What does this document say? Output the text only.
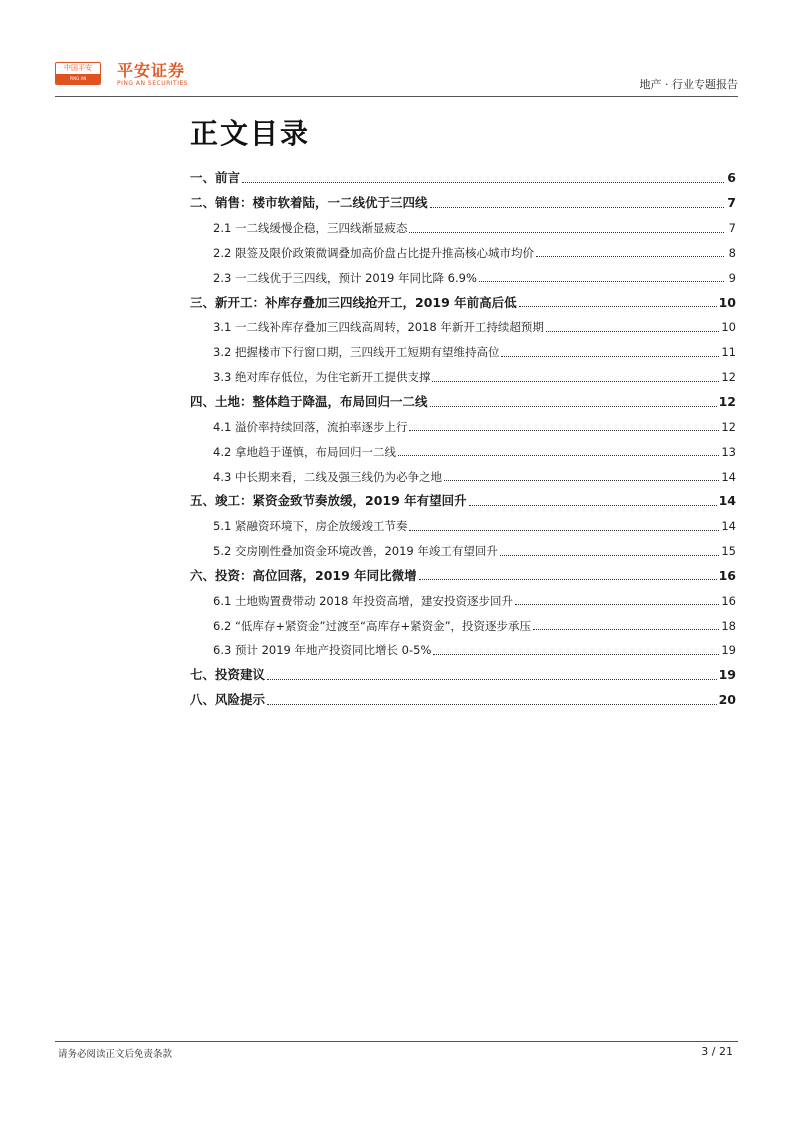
中国平安
PING AN	平安证券
PING AN SECURITIES	地产 · 行业专题报告
正文目录
一、前言	6
二、销售：楼市软着陆，一二线优于三四线	7
2.1 一二线缓慢企稳，三四线渐显疲态	7
2.2 限签及限价政策微调叠加高价盘占比提升推高核心城市均价	8
2.3 一二线优于三四线，预计 2019 年同比降 6.9%	9
三、新开工：补库存叠加三四线抢开工，2019 年前高后低	10
3.1 一二线补库存叠加三四线高周转，2018 年新开工持续超预期	10
3.2 把握楼市下行窗口期，三四线开工短期有望维持高位	11
3.3 绝对库存低位，为住宅新开工提供支撑	12
四、土地：整体趋于降温，布局回归一二线	12
4.1 溢价率持续回落，流拍率逐步上行	12
4.2 拿地趋于谨慎，布局回归一二线	13
4.3 中长期来看，二线及强三线仍为必争之地	14
五、竣工：紧资金致节奏放缓，2019 年有望回升	14
5.1 紧融资环境下，房企放缓竣工节奏	14
5.2 交房刚性叠加资金环境改善，2019 年竣工有望回升	15
六、投资：高位回落，2019 年同比微增	16
6.1 土地购置费带动 2018 年投资高增，建安投资逐步回升	16
6.2 “低库存+紧资金”过渡至“高库存+紧资金”，投资逐步承压	18
6.3 预计 2019 年地产投资同比增长 0-5%	19
七、投资建议	19
八、风险提示	20
请务必阅读正文后免责条款	3 / 21
